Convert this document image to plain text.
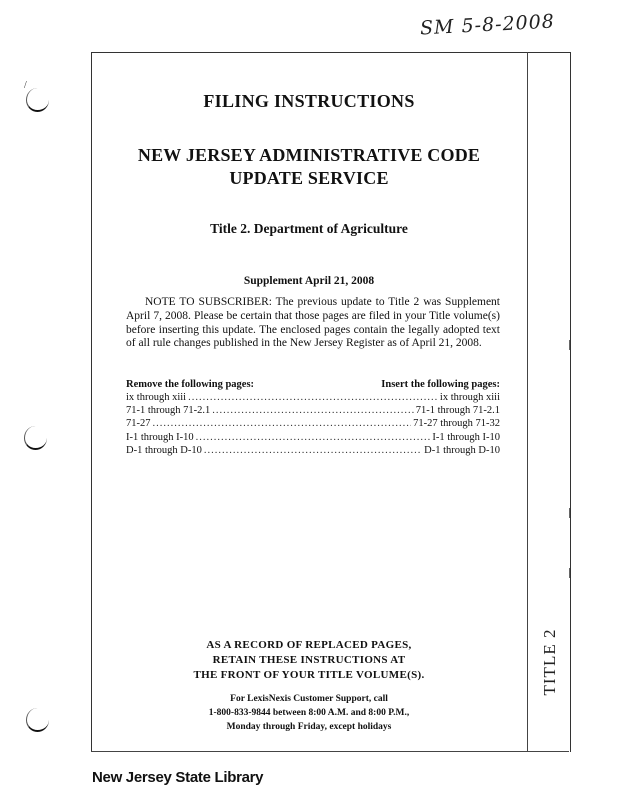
SM 5-8-2008
/
TITLE 2
FILING INSTRUCTIONS
NEW JERSEY ADMINISTRATIVE CODE
UPDATE SERVICE
Title 2. Department of Agriculture
Supplement April 21, 2008
NOTE TO SUBSCRIBER: The previous update to Title 2 was Supplement April 7, 2008. Please be certain that those pages are filed in your Title volume(s) before inserting this update. The enclosed pages contain the legally adopted text of all rule changes published in the New Jersey Register as of April 21, 2008.
Remove the following pages:	Insert the following pages:
ix through xiii .....	ix through xiii
71-1 through 71-2.1 .....	71-1 through 71-2.1
71-27 .....	71-27 through 71-32
I-1 through I-10 .....	I-1 through I-10
D-1 through D-10 .....	D-1 through D-10
AS A RECORD OF REPLACED PAGES,
RETAIN THESE INSTRUCTIONS AT
THE FRONT OF YOUR TITLE VOLUME(S).
For LexisNexis Customer Support, call
1-800-833-9844 between 8:00 A.M. and 8:00 P.M.,
Monday through Friday, except holidays
New Jersey State Library
